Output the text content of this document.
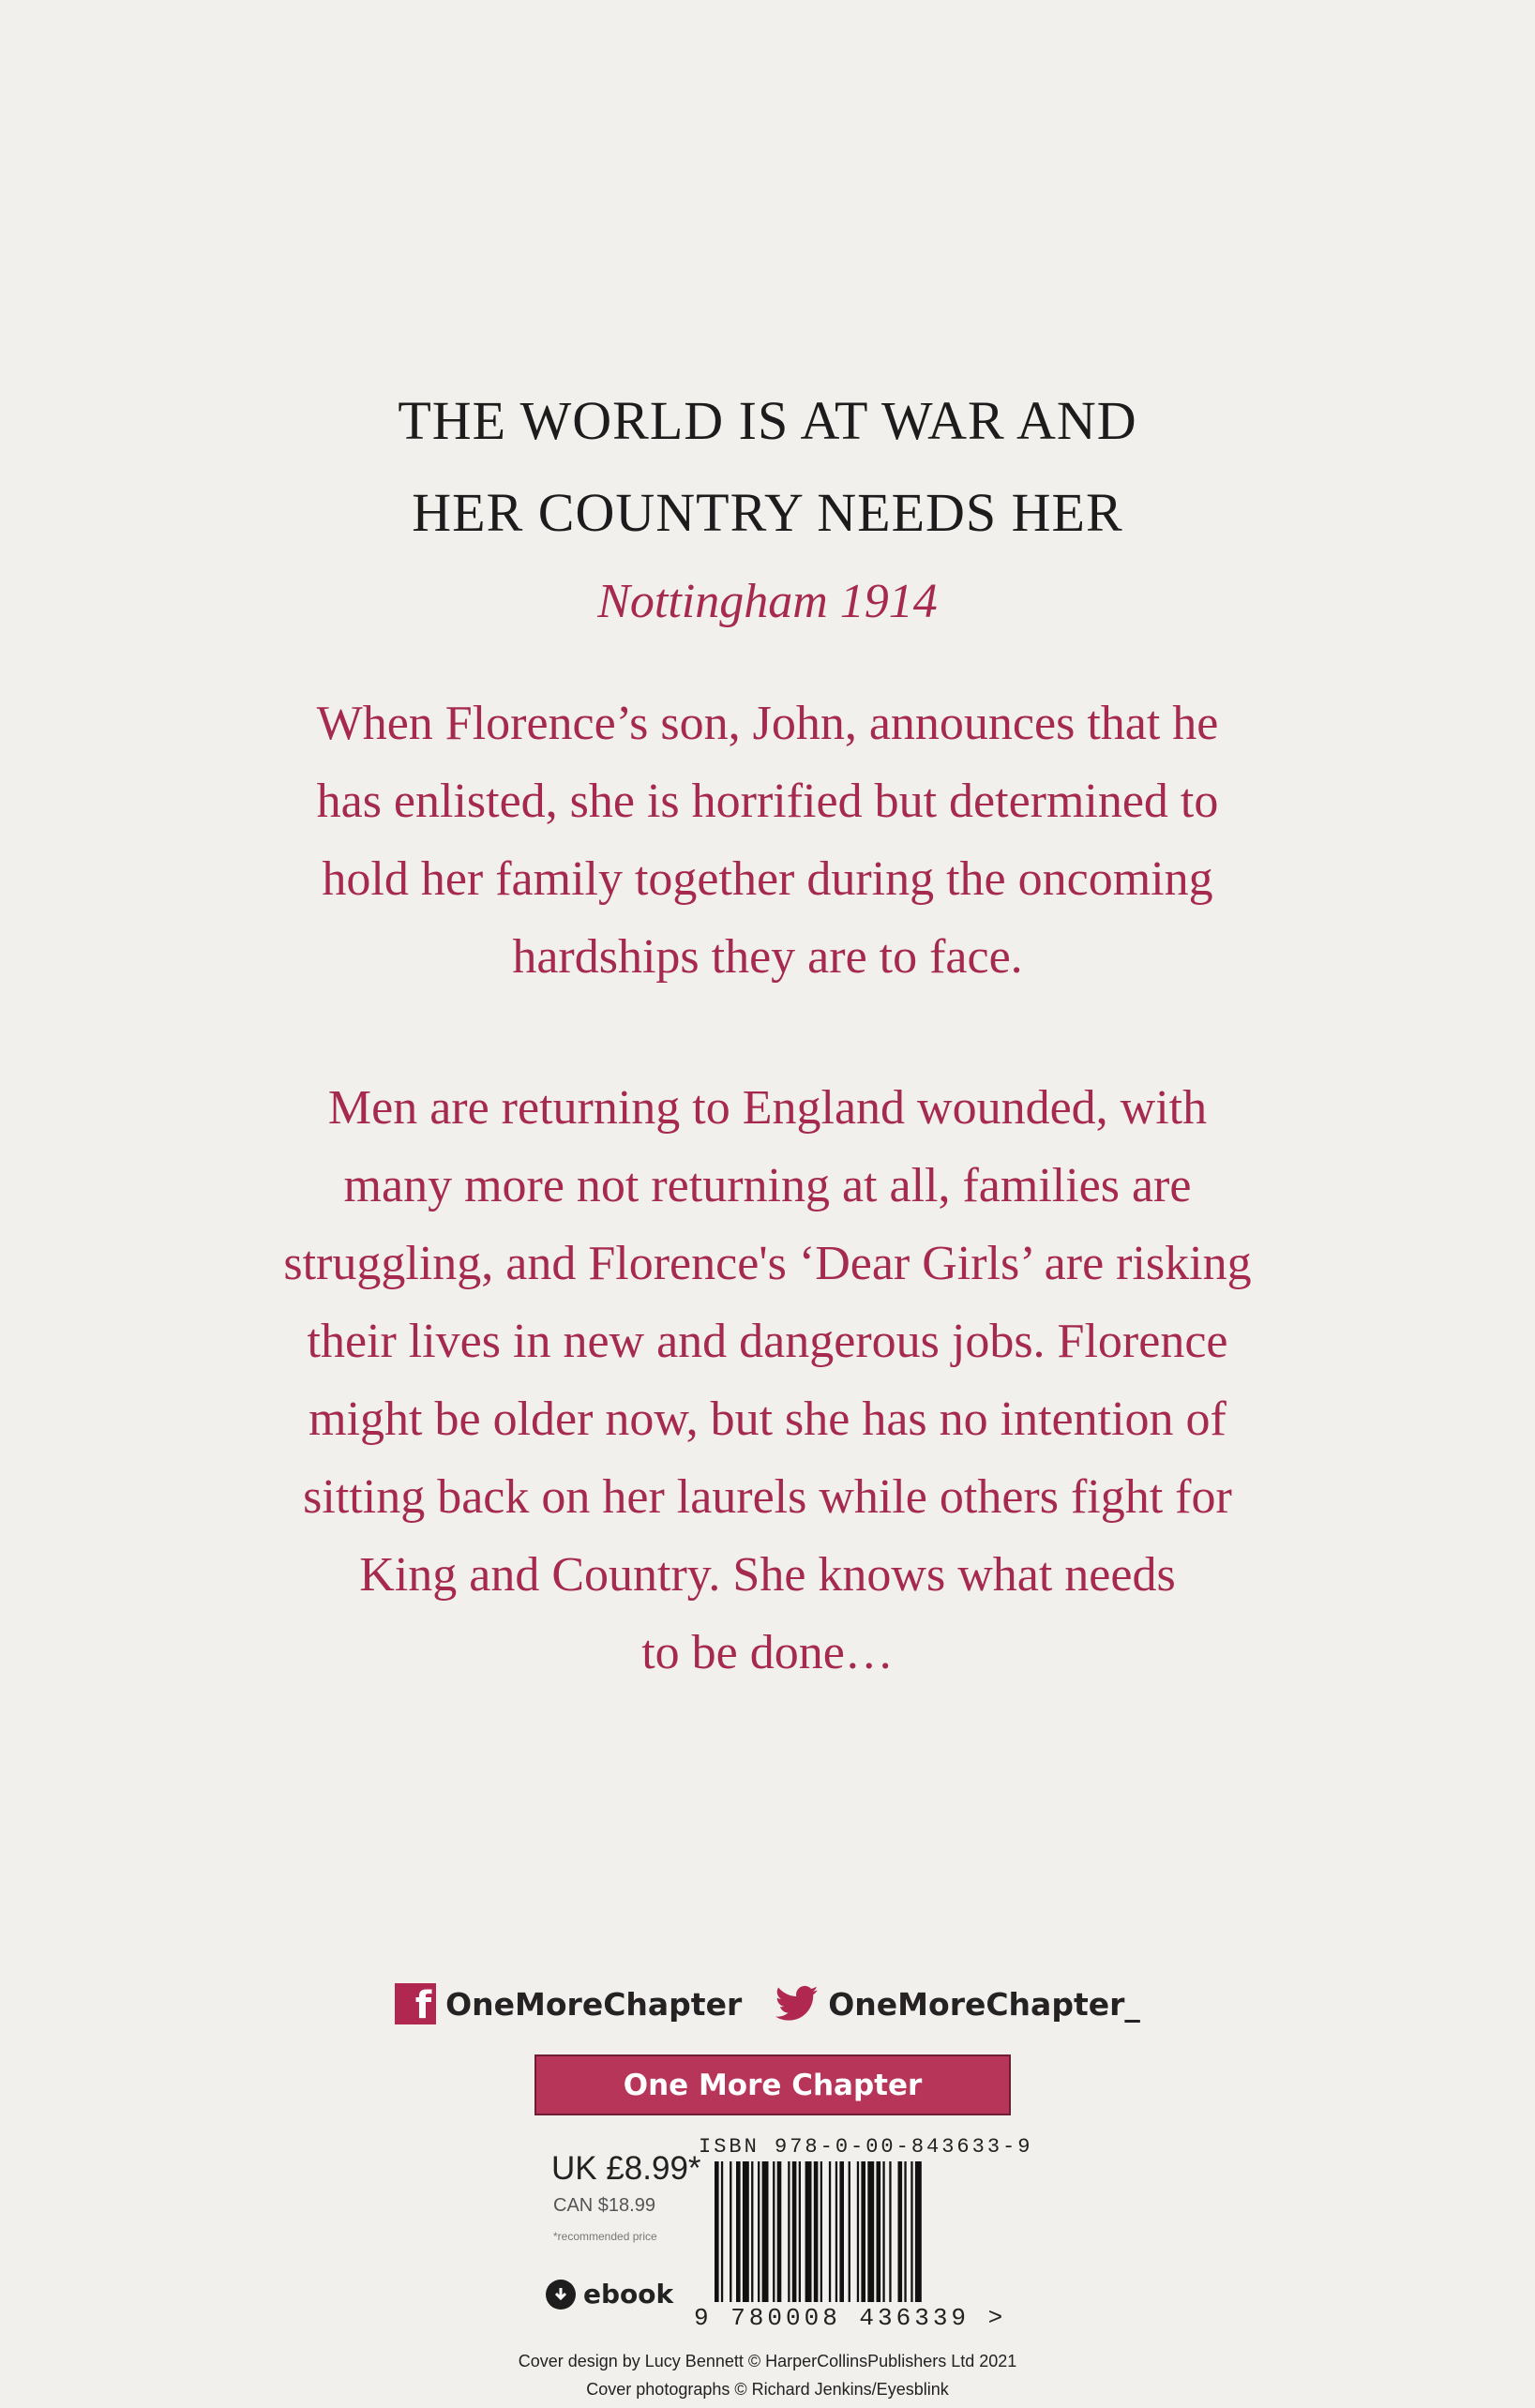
THE WORLD IS AT WAR AND
HER COUNTRY NEEDS HER
Nottingham 1914
When Florence’s son, John, announces that he
has enlisted, she is horrified but determined to
hold her family together during the oncoming
hardships they are to face.
Men are returning to England wounded, with
many more not returning at all, families are
struggling, and Florence's ‘Dear Girls’ are risking
their lives in new and dangerous jobs. Florence
might be older now, but she has no intention of
sitting back on her laurels while others fight for
King and Country. She knows what needs
to be done…
f OneMoreChapter	OneMoreChapter_
One More Chapter
UK £8.99*
CAN $18.99
*recommended price
ebook
ISBN 978-0-00-843633-9
9 780008 436339 >
Cover design by Lucy Bennett © HarperCollinsPublishers Ltd 2021
Cover photographs © Richard Jenkins/Eyesblink
